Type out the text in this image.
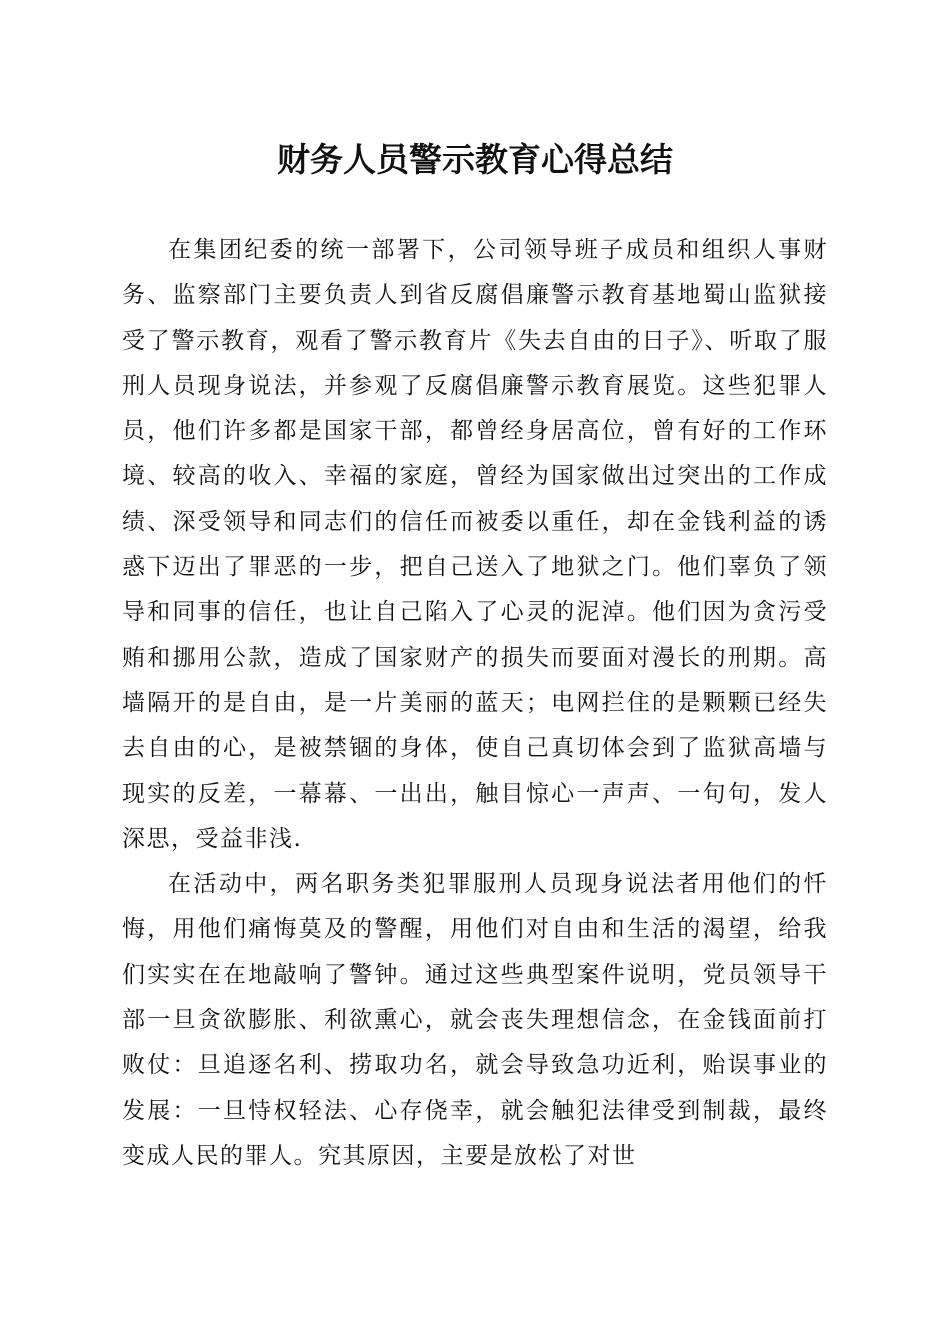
财务人员警示教育心得总结

在集团纪委的统一部署下，公司领导班子成员和组织人事财务、监察部门主要负责人到省反腐倡廉警示教育基地蜀山监狱接受了警示教育，观看了警示教育片《失去自由的日子》、听取了服刑人员现身说法，并参观了反腐倡廉警示教育展览。这些犯罪人员，他们许多都是国家干部，都曾经身居高位，曾有好的工作环境、较高的收入、幸福的家庭，曾经为国家做出过突出的工作成绩、深受领导和同志们的信任而被委以重任，却在金钱利益的诱惑下迈出了罪恶的一步，把自己送入了地狱之门。他们辜负了领导和同事的信任，也让自己陷入了心灵的泥淖。他们因为贪污受贿和挪用公款，造成了国家财产的损失而要面对漫长的刑期。高墙隔开的是自由，是一片美丽的蓝天；电网拦住的是颗颗已经失去自由的心，是被禁锢的身体，使自己真切体会到了监狱高墙与现实的反差，一幕幕、一出出，触目惊心一声声、一句句，发人深思，受益非浅.

在活动中，两名职务类犯罪服刑人员现身说法者用他们的忏悔，用他们痛悔莫及的警醒，用他们对自由和生活的渴望，给我们实实在在地敲响了警钟。通过这些典型案件说明，党员领导干部一旦贪欲膨胀、利欲熏心，就会丧失理想信念，在金钱面前打败仗：旦追逐名利、捞取功名，就会导致急功近利，贻误事业的发展：一旦恃权轻法、心存侥幸，就会触犯法律受到制裁，最终变成人民的罪人。究其原因，主要是放松了对世
